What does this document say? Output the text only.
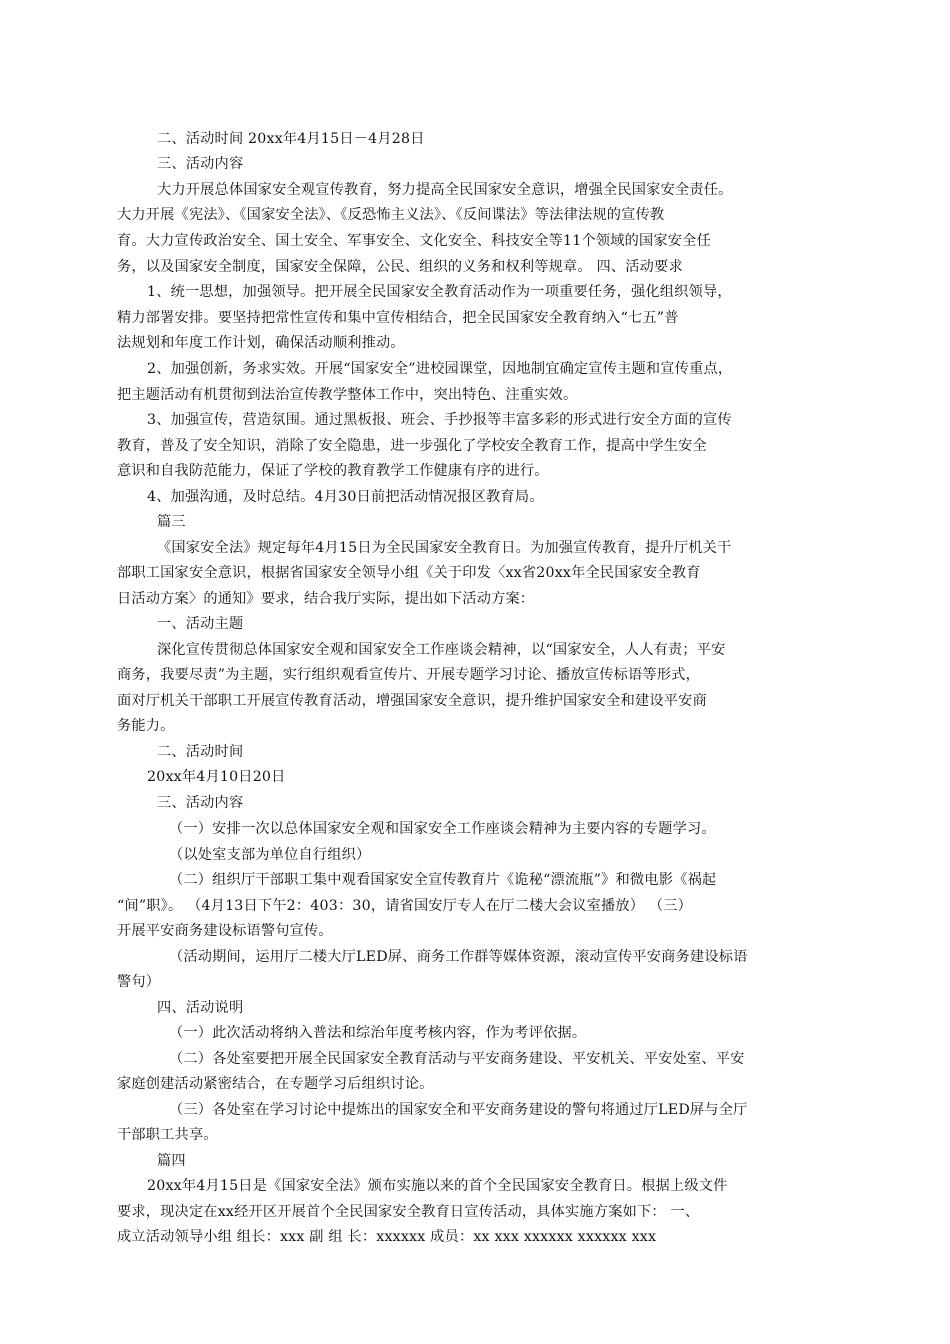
二、活动时间 20xx年4月15日－4月28日
三、活动内容
大力开展总体国家安全观宣传教育，努力提高全民国家安全意识，增强全民国家安全责任。
大力开展《宪法》、《国家安全法》、《反恐怖主义法》、《反间谍法》等法律法规的宣传教
育。大力宣传政治安全、国土安全、军事安全、文化安全、科技安全等11个领域的国家安全任
务，以及国家安全制度，国家安全保障，公民、组织的义务和权利等规章。 四、活动要求
1、统一思想，加强领导。把开展全民国家安全教育活动作为一项重要任务，强化组织领导，
精力部署安排。要坚持把常性宣传和集中宣传相结合，把全民国家安全教育纳入“七五”普
法规划和年度工作计划，确保活动顺利推动。
2、加强创新，务求实效。开展“国家安全”进校园课堂，因地制宜确定宣传主题和宣传重点，
把主题活动有机贯彻到法治宣传教学整体工作中，突出特色、注重实效。
3、加强宣传，营造氛围。通过黑板报、班会、手抄报等丰富多彩的形式进行安全方面的宣传
教育，普及了安全知识，消除了安全隐患，进一步强化了学校安全教育工作，提高中学生安全
意识和自我防范能力，保证了学校的教育教学工作健康有序的进行。
4、加强沟通，及时总结。4月30日前把活动情况报区教育局。
篇三
《国家安全法》规定每年4月15日为全民国家安全教育日。为加强宣传教育，提升厅机关干
部职工国家安全意识，根据省国家安全领导小组《关于印发〈xx省20xx年全民国家安全教育
日活动方案〉的通知》要求，结合我厅实际，提出如下活动方案：
一、活动主题
深化宣传贯彻总体国家安全观和国家安全工作座谈会精神，以“国家安全，人人有责；平安
商务，我要尽责”为主题，实行组织观看宣传片、开展专题学习讨论、播放宣传标语等形式，
面对厅机关干部职工开展宣传教育活动，增强国家安全意识，提升维护国家安全和建设平安商
务能力。
二、活动时间
20xx年4月10日20日
三、活动内容
（一）安排一次以总体国家安全观和国家安全工作座谈会精神为主要内容的专题学习。
（以处室支部为单位自行组织）
（二）组织厅干部职工集中观看国家安全宣传教育片《诡秘“漂流瓶”》和微电影《祸起
“间”职》。 （4月13日下午2：403：30，请省国安厅专人在厅二楼大会议室播放） （三）
开展平安商务建设标语警句宣传。
（活动期间，运用厅二楼大厅LED屏、商务工作群等媒体资源，滚动宣传平安商务建设标语
警句）
四、活动说明
（一）此次活动将纳入普法和综治年度考核内容，作为考评依据。
（二）各处室要把开展全民国家安全教育活动与平安商务建设、平安机关、平安处室、平安
家庭创建活动紧密结合，在专题学习后组织讨论。
（三）各处室在学习讨论中提炼出的国家安全和平安商务建设的警句将通过厅LED屏与全厅
干部职工共享。
篇四
20xx年4月15日是《国家安全法》颁布实施以来的首个全民国家安全教育日。根据上级文件
要求，现决定在xx经开区开展首个全民国家安全教育日宣传活动，具体实施方案如下： 一、
成立活动领导小组 组长：xxx 副 组 长：xxxxxx 成员：xx xxx xxxxxx xxxxxx xxx
